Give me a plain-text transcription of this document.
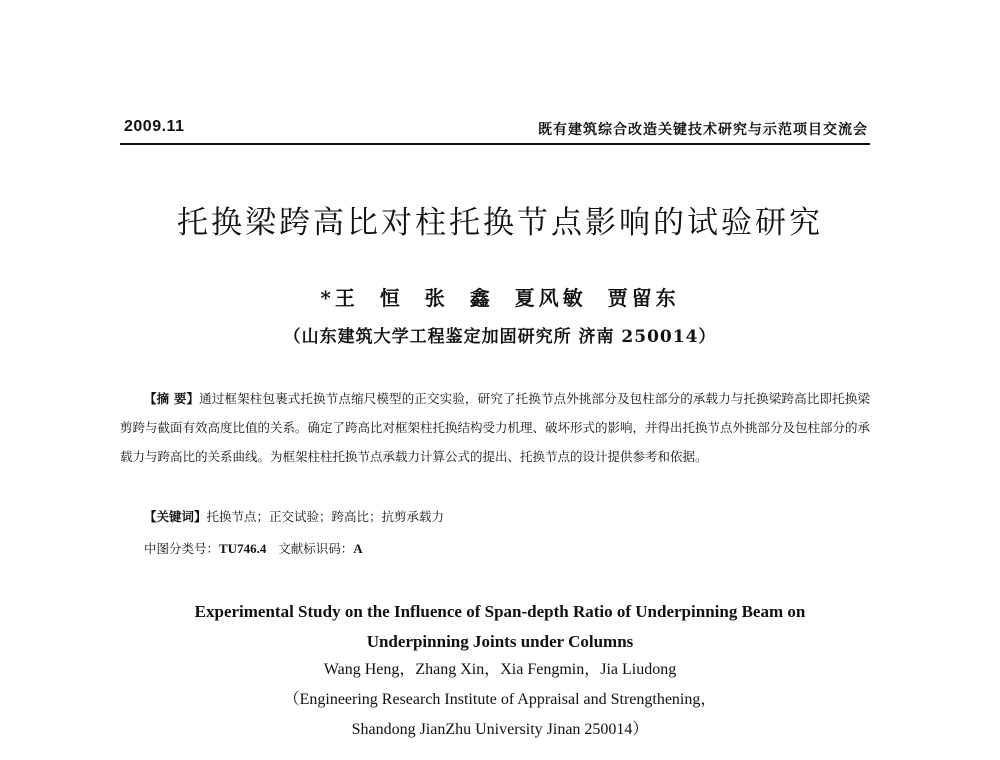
2009.11	既有建筑综合改造关键技术研究与示范项目交流会
托换梁跨高比对柱托换节点影响的试验研究
*王 恒 张 鑫 夏风敏 贾留东
（山东建筑大学工程鉴定加固研究所 济南 250014）

【摘 要】通过框架柱包裹式托换节点缩尺模型的正交实验，研究了托换节点外挑部分及包柱部分的承载力与托换梁跨高比即托换梁剪跨与截面有效高度比值的关系。确定了跨高比对框架柱托换结构受力机理、破坏形式的影响，并得出托换节点外挑部分及包柱部分的承载力与跨高比的关系曲线。为框架柱柱托换节点承载力计算公式的提出、托换节点的设计提供参考和依据。

【关键词】托换节点；正交试验；跨高比；抗剪承载力

中图分类号：TU746.4 文献标识码：A

Experimental Study on the Influence of Span-depth Ratio of Underpinning Beam on
Underpinning Joints under Columns
Wang Heng，Zhang Xin，Xia Fengmin，Jia Liudong
（Engineering Research Institute of Appraisal and Strengthening，
Shandong JianZhu University Jinan 250014）
